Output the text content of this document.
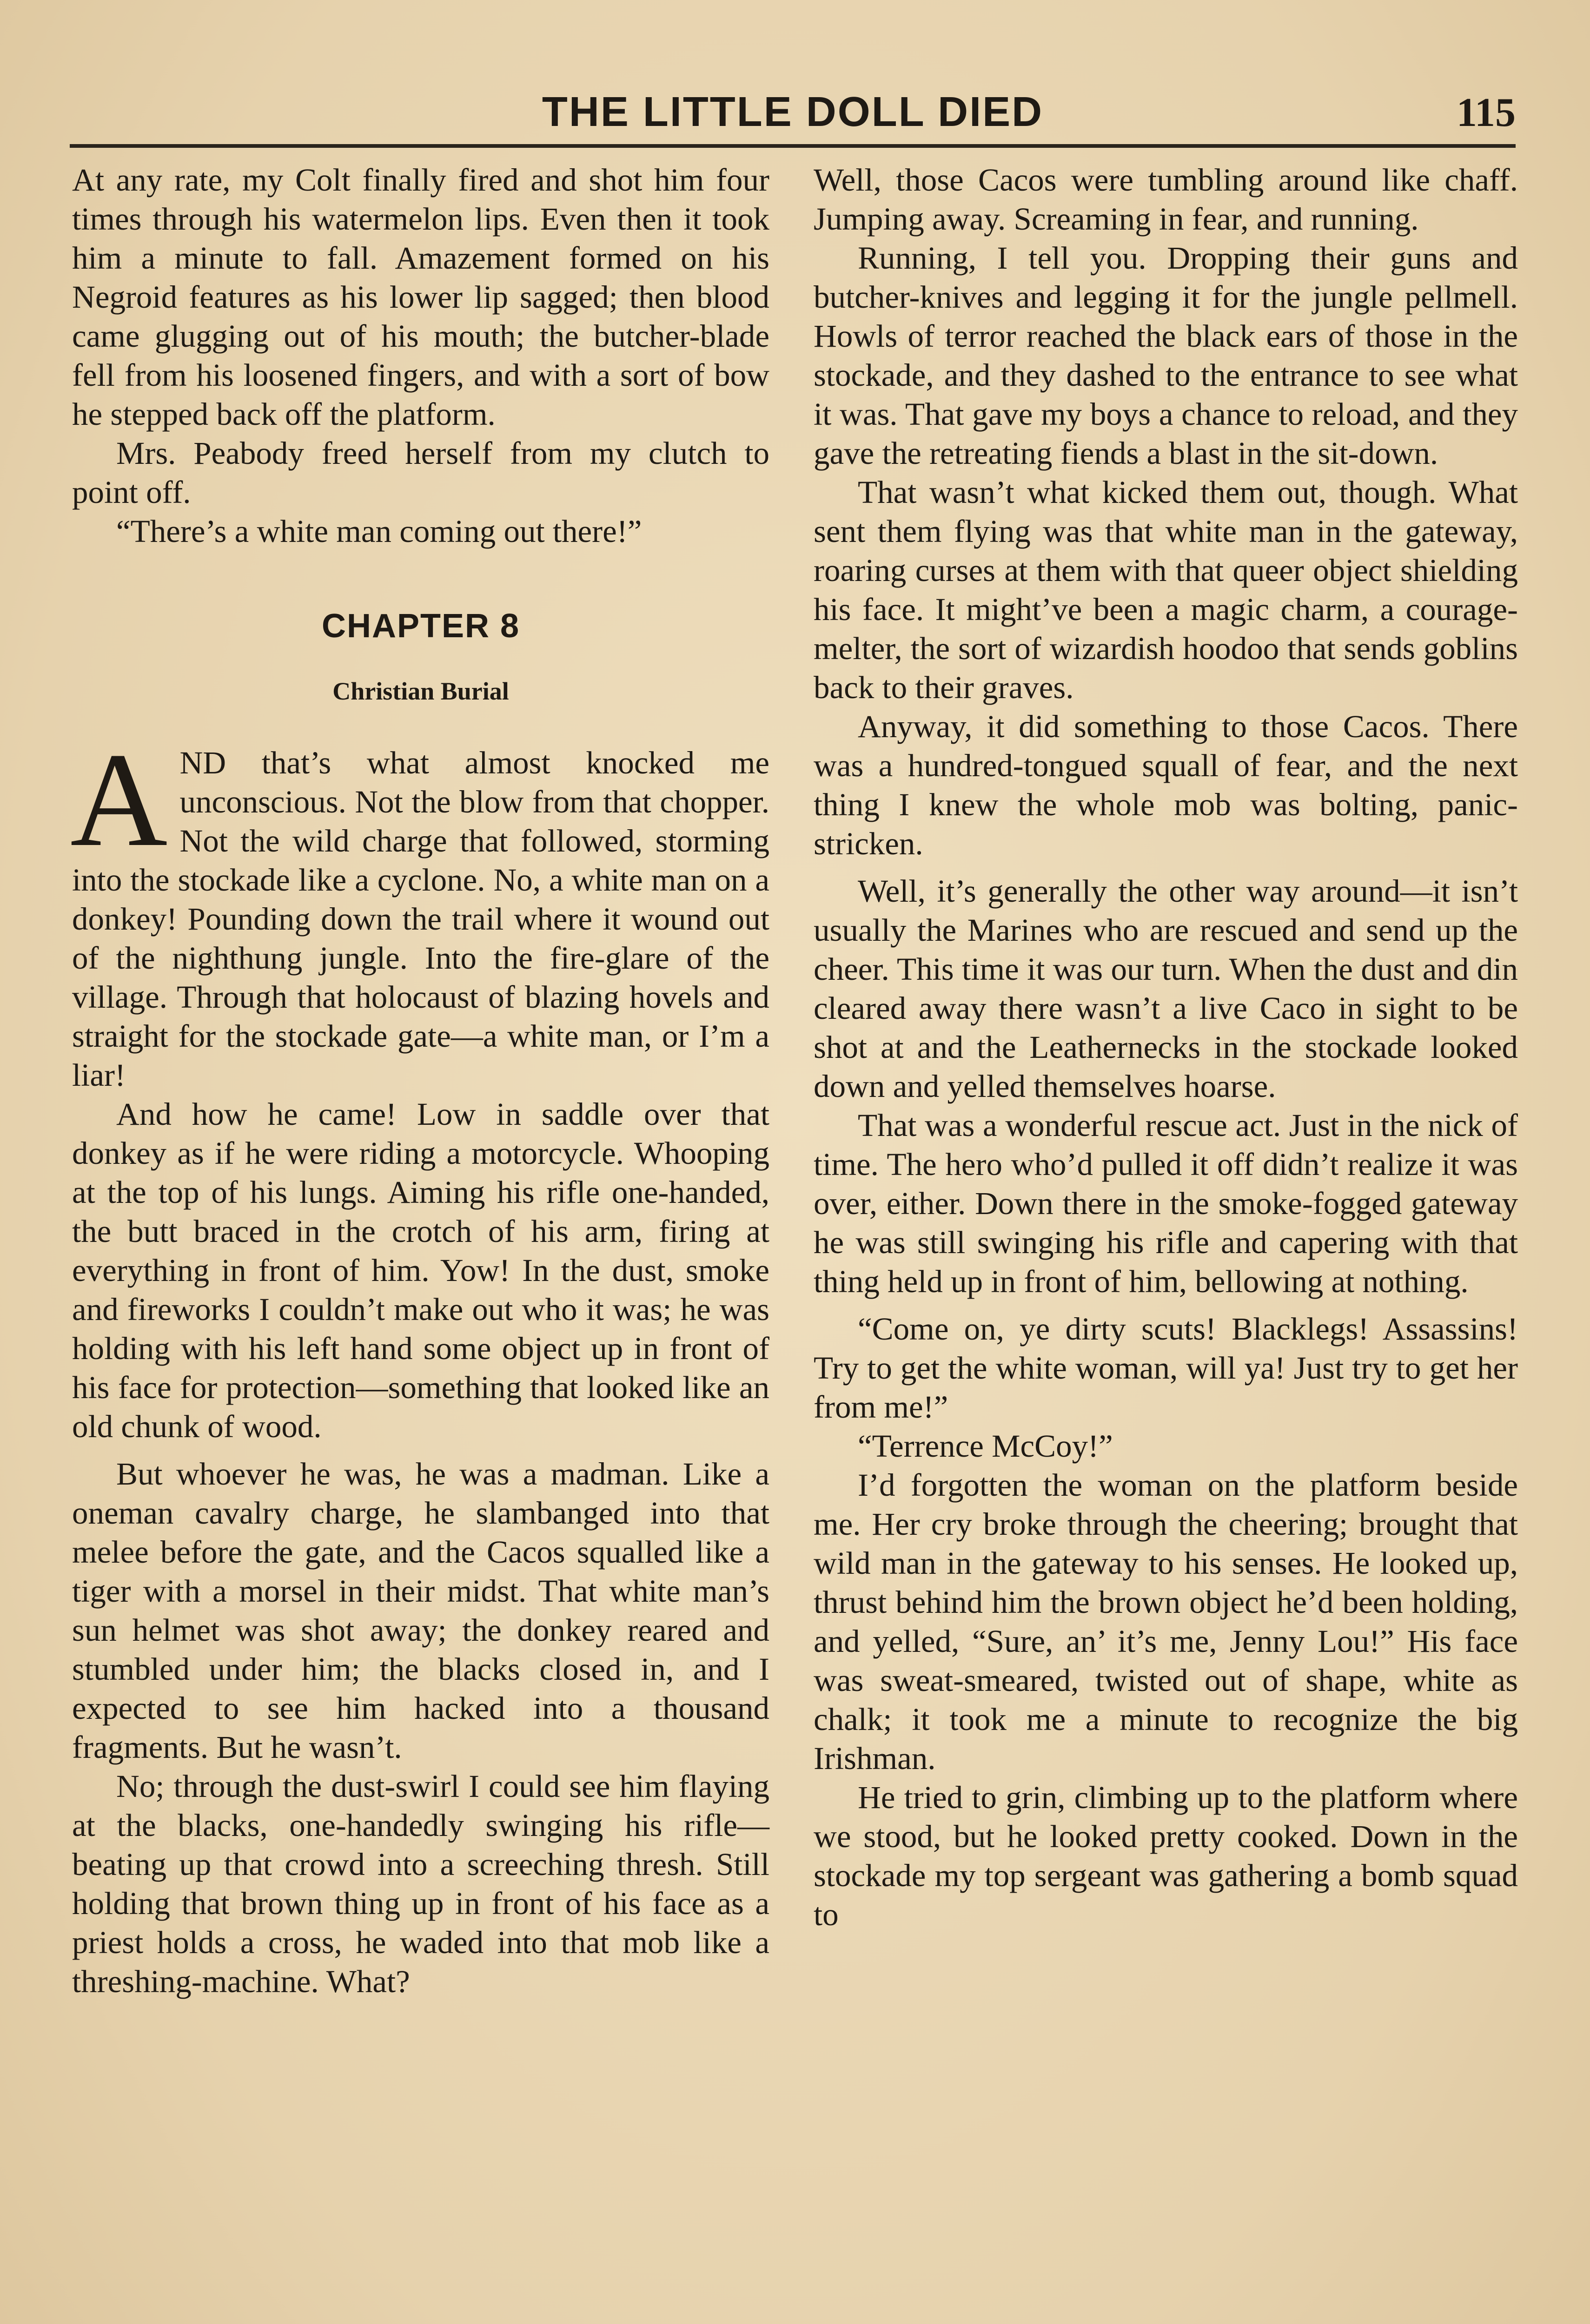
THE LITTLE DOLL DIED	115

At any rate, my Colt finally fired and shot him four times through his watermelon lips. Even then it took him a minute to fall. Amazement formed on his Negroid features as his lower lip sagged; then blood came glugging out of his mouth; the butcher-blade fell from his loosened fingers, and with a sort of bow he stepped back off the platform.

Mrs. Peabody freed herself from my clutch to point off.

“There’s a white man coming out there!”

CHAPTER 8
Christian Burial

AND that’s what almost knocked me unconscious. Not the blow from that chopper. Not the wild charge that followed, storming into the stockade like a cyclone. No, a white man on a donkey! Pounding down the trail where it wound out of the nighthung jungle. Into the fire-glare of the village. Through that holocaust of blazing hovels and straight for the stockade gate—a white man, or I’m a liar!

And how he came! Low in saddle over that donkey as if he were riding a motorcycle. Whooping at the top of his lungs. Aiming his rifle one-handed, the butt braced in the crotch of his arm, firing at everything in front of him. Yow! In the dust, smoke and fireworks I couldn’t make out who it was; he was holding with his left hand some object up in front of his face for protection—something that looked like an old chunk of wood.

But whoever he was, he was a madman. Like a oneman cavalry charge, he slambanged into that melee before the gate, and the Cacos squalled like a tiger with a morsel in their midst. That white man’s sun helmet was shot away; the donkey reared and stumbled under him; the blacks closed in, and I expected to see him hacked into a thousand fragments. But he wasn’t.

No; through the dust-swirl I could see him flaying at the blacks, one-handedly swinging his rifle—beating up that crowd into a screeching thresh. Still holding that brown thing up in front of his face as a priest holds a cross, he waded into that mob like a threshing-machine. What?

Well, those Cacos were tumbling around like chaff. Jumping away. Screaming in fear, and running.

Running, I tell you. Dropping their guns and butcher-knives and legging it for the jungle pellmell. Howls of terror reached the black ears of those in the stockade, and they dashed to the entrance to see what it was. That gave my boys a chance to reload, and they gave the retreating fiends a blast in the sit-down.

That wasn’t what kicked them out, though. What sent them flying was that white man in the gateway, roaring curses at them with that queer object shielding his face. It might’ve been a magic charm, a courage-melter, the sort of wizardish hoodoo that sends goblins back to their graves.

Anyway, it did something to those Cacos. There was a hundred-tongued squall of fear, and the next thing I knew the whole mob was bolting, panic-stricken.

Well, it’s generally the other way around—it isn’t usually the Marines who are rescued and send up the cheer. This time it was our turn. When the dust and din cleared away there wasn’t a live Caco in sight to be shot at and the Leathernecks in the stockade looked down and yelled themselves hoarse.

That was a wonderful rescue act. Just in the nick of time. The hero who’d pulled it off didn’t realize it was over, either. Down there in the smoke-fogged gateway he was still swinging his rifle and capering with that thing held up in front of him, bellowing at nothing.

“Come on, ye dirty scuts! Blacklegs! Assassins! Try to get the white woman, will ya! Just try to get her from me!”

“Terrence McCoy!”

I’d forgotten the woman on the platform beside me. Her cry broke through the cheering; brought that wild man in the gateway to his senses. He looked up, thrust behind him the brown object he’d been holding, and yelled, “Sure, an’ it’s me, Jenny Lou!” His face was sweat-smeared, twisted out of shape, white as chalk; it took me a minute to recognize the big Irishman.

He tried to grin, climbing up to the platform where we stood, but he looked pretty cooked. Down in the stockade my top sergeant was gathering a bomb squad to
